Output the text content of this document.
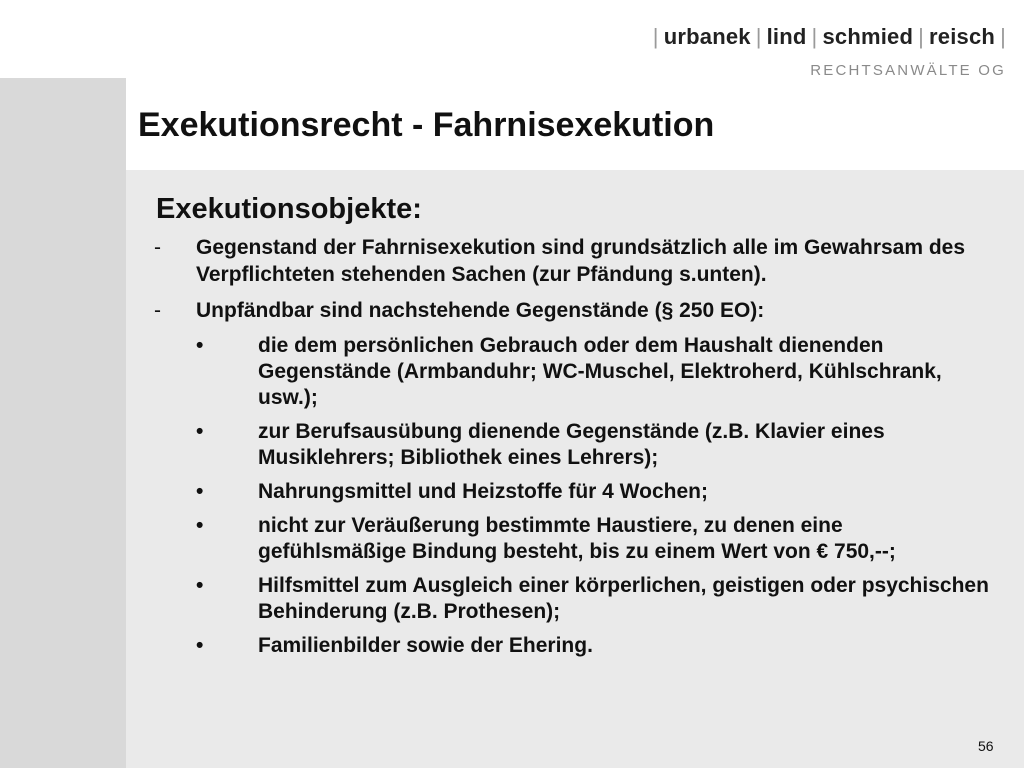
| urbanek | lind | schmied | reisch |
RECHTSANWÄLTE OG
Exekutionsrecht - Fahrnisexekution
Exekutionsobjekte:
- Gegenstand der Fahrnisexekution sind grundsätzlich alle im Gewahrsam des Verpflichteten stehenden Sachen (zur Pfändung s.unten).
- Unpfändbar sind nachstehende Gegenstände (§ 250 EO):
•	die dem persönlichen Gebrauch oder dem Haushalt dienenden Gegenstände (Armbanduhr; WC-Muschel, Elektroherd, Kühlschrank, usw.);
•	zur Berufsausübung dienende Gegenstände (z.B. Klavier eines Musiklehrers; Bibliothek eines Lehrers);
•	Nahrungsmittel und Heizstoffe für 4 Wochen;
•	nicht zur Veräußerung bestimmte Haustiere, zu denen eine gefühlsmäßige Bindung besteht, bis zu einem Wert von € 750,--;
•	Hilfsmittel zum Ausgleich einer körperlichen, geistigen oder psychischen Behinderung (z.B. Prothesen);
•	Familienbilder sowie der Ehering.
56
